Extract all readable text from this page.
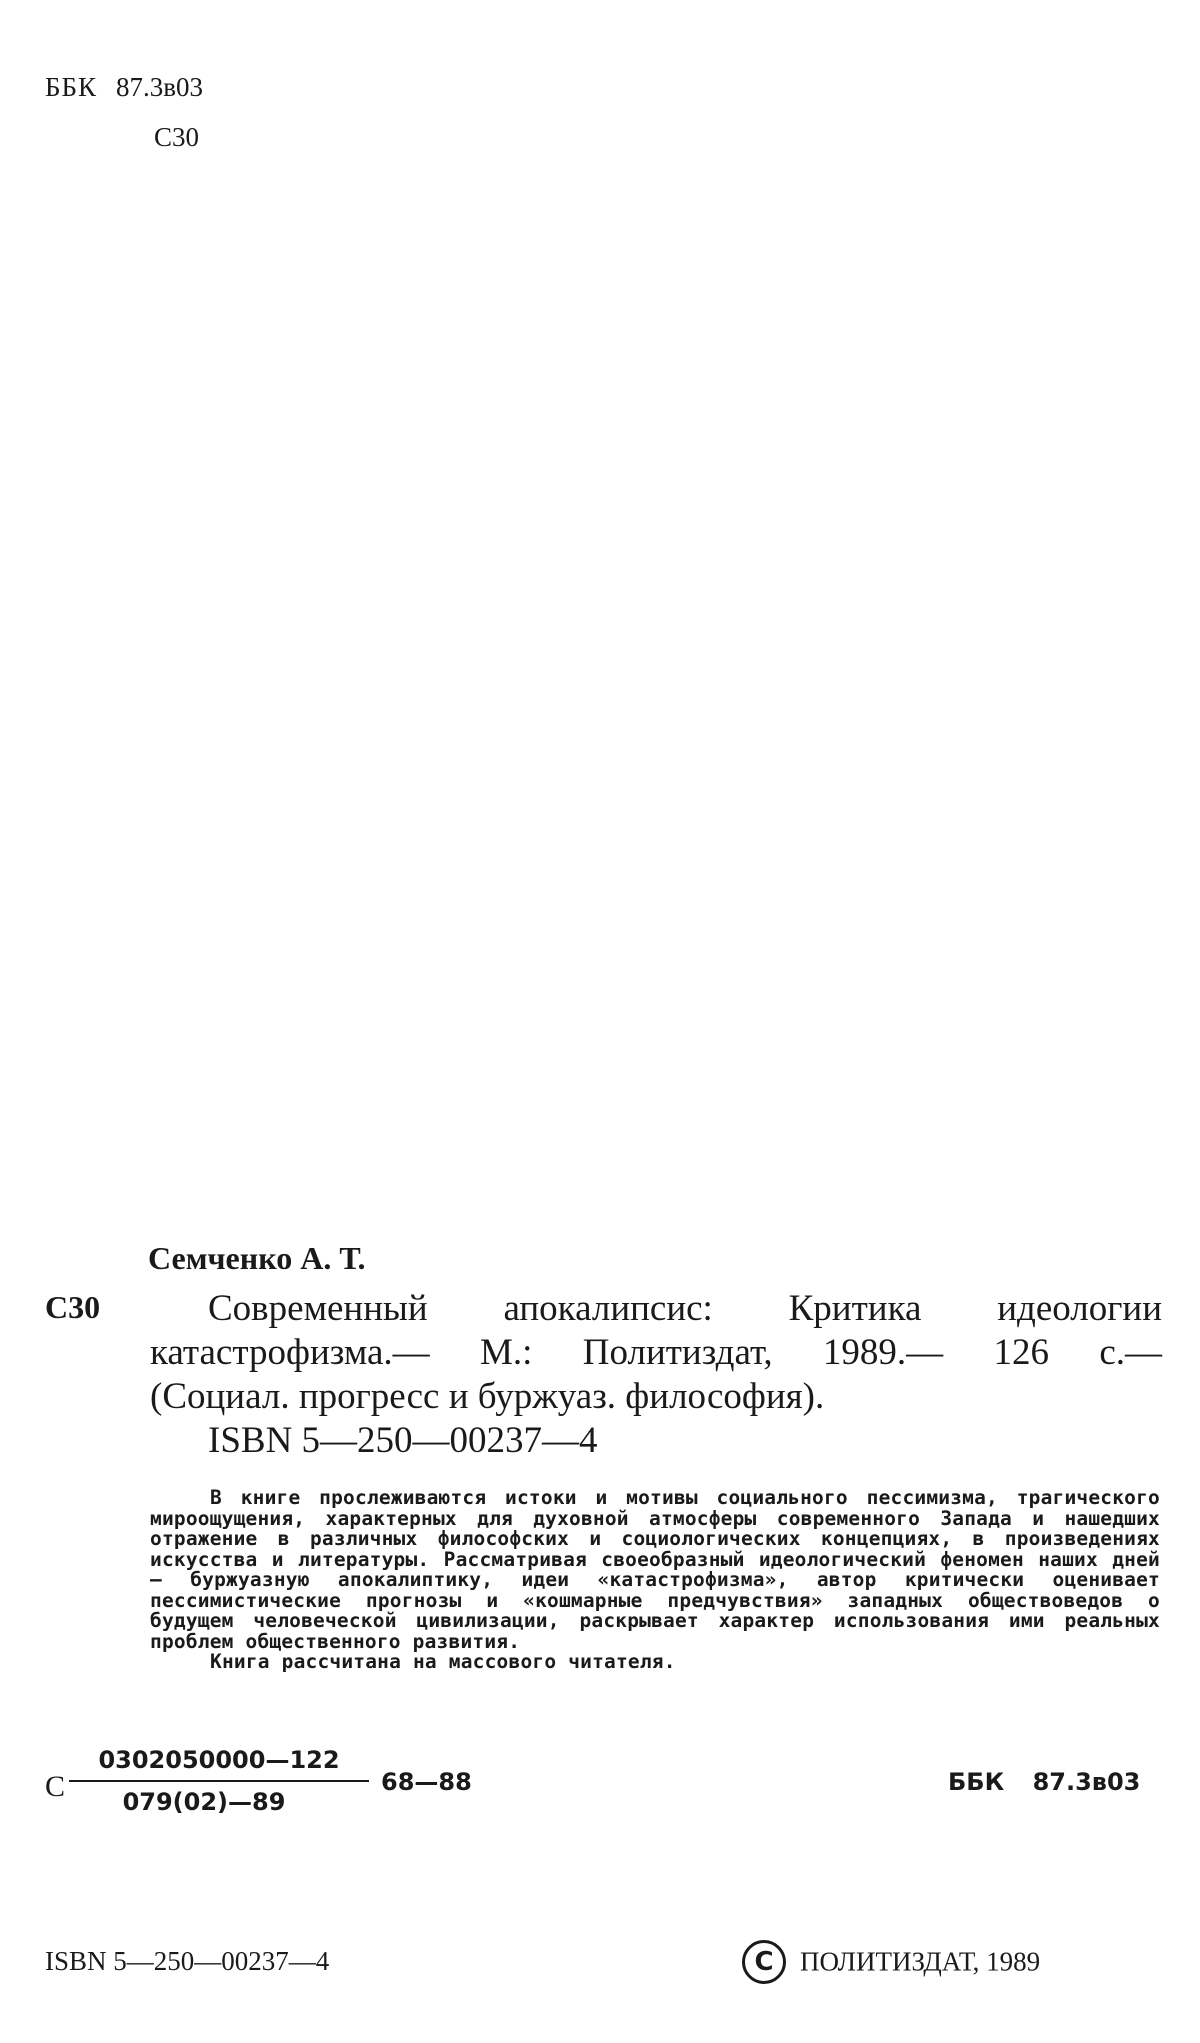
ББК 87.3в03
С30
Семченко А. Т.
С30	Современный апокалипсис: Критика идеологии
катастрофизма.— М.: Политиздат, 1989.— 126 с.—
(Социал. прогресс и буржуаз. философия).
ISBN 5—250—00237—4

В книге прослеживаются истоки и мотивы социального пессимизма, трагического мироощущения, характерных для духовной атмосферы современного Запада и нашедших отражение в различных философских и социологических концепциях, в произведениях искусства и литературы. Рассматривая своеобразный идеологический феномен наших дней — буржуазную апокалиптику, идеи «катастрофизма», автор критически оценивает пессимистические прогнозы и «кошмарные предчувствия» западных обществоведов о будущем человеческой цивилизации, раскрывает характер использования ими реальных проблем общественного развития.

Книга рассчитана на массового читателя.

С
0302050000—122
079(02)—89
68—88	ББК 87.3в03
ISBN 5—250—00237—4	C ПОЛИТИЗДАТ, 1989
